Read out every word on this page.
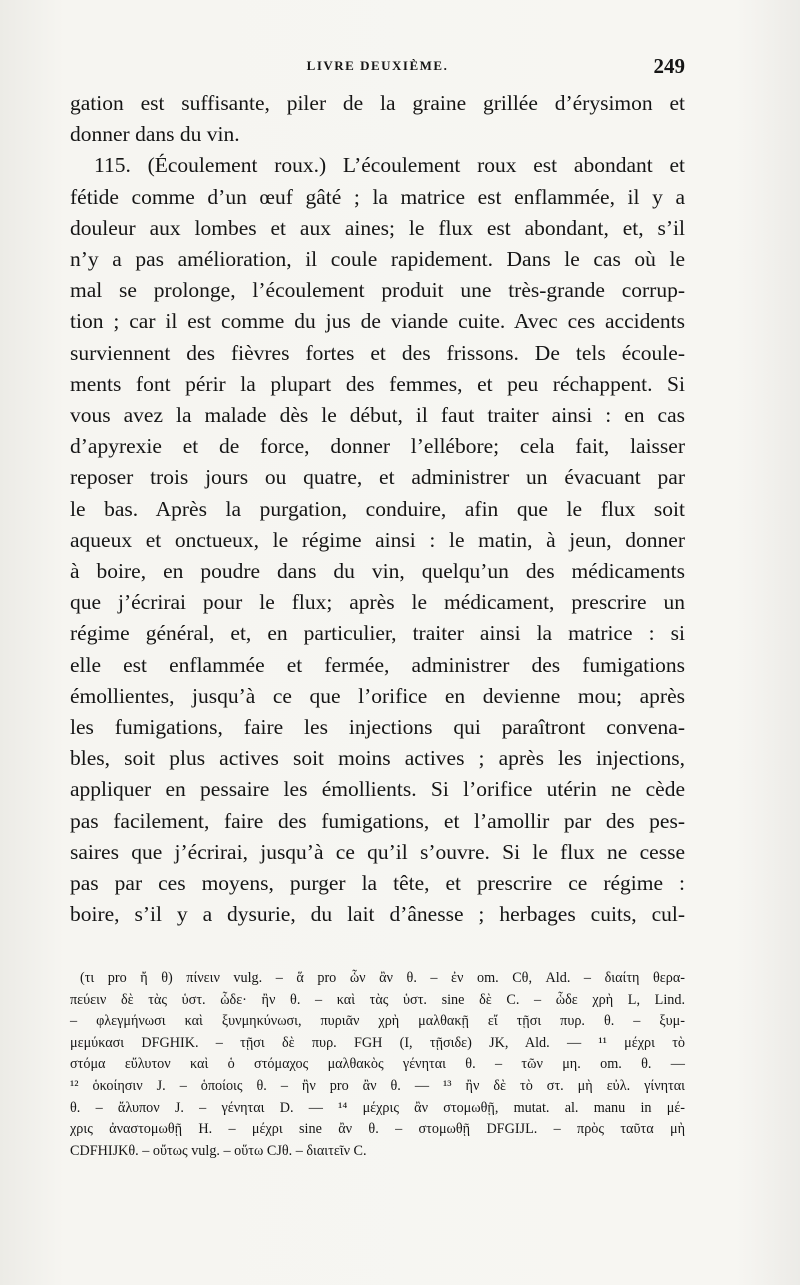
LIVRE DEUXIÈME.	249
gation est suffisante, piler de la graine grillée d’érysimon et
donner dans du vin.
115. (Écoulement roux.) L’écoulement roux est abondant et
fétide comme d’un œuf gâté ; la matrice est enflammée, il y a
douleur aux lombes et aux aines; le flux est abondant, et, s’il
n’y a pas amélioration, il coule rapidement. Dans le cas où le
mal se prolonge, l’écoulement produit une très-grande corrup-
tion ; car il est comme du jus de viande cuite. Avec ces accidents
surviennent des fièvres fortes et des frissons. De tels écoule-
ments font périr la plupart des femmes, et peu réchappent. Si
vous avez la malade dès le début, il faut traiter ainsi : en cas
d’apyrexie et de force, donner l’ellébore; cela fait, laisser
reposer trois jours ou quatre, et administrer un évacuant par
le bas. Après la purgation, conduire, afin que le flux soit
aqueux et onctueux, le régime ainsi : le matin, à jeun, donner
à boire, en poudre dans du vin, quelqu’un des médicaments
que j’écrirai pour le flux; après le médicament, prescrire un
régime général, et, en particulier, traiter ainsi la matrice : si
elle est enflammée et fermée, administrer des fumigations
émollientes, jusqu’à ce que l’orifice en devienne mou; après
les fumigations, faire les injections qui paraîtront convena-
bles, soit plus actives soit moins actives ; après les injections,
appliquer en pessaire les émollients. Si l’orifice utérin ne cède
pas facilement, faire des fumigations, et l’amollir par des pes-
saires que j’écrirai, jusqu’à ce qu’il s’ouvre. Si le flux ne cesse
pas par ces moyens, purger la tête, et prescrire ce régime :
boire, s’il y a dysurie, du lait d’ânesse ; herbages cuits, cul-
(τι pro ἤ θ) πίνειν vulg. – ἅ pro ὧν ἂν θ. – ἐν om. Cθ, Ald. – διαίτη θερα-
πεύειν δὲ τὰς ὑστ. ὧδε· ἢν θ. – καὶ τὰς ὑστ. sine δὲ C. – ὧδε χρὴ L, Lind.
– φλεγμήνωσι καὶ ξυνμηκύνωσι, πυριᾶν χρὴ μαλθακῇ εἴ τῇσι πυρ. θ. – ξυμ-
μεμύκασι DFGHIK. – τῇσι δὲ πυρ. FGH (I, τῇσιδε) JK, Ald. — ¹¹ μέχρι τὸ
στόμα εὔλυτον καὶ ὁ στόμαχος μαλθακὸς γένηται θ. – τῶν μη. om. θ. —
¹² ὁκοίησιν J. – ὁποίοις θ. – ἢν pro ἂν θ. — ¹³ ἢν δὲ τὸ στ. μὴ εὐλ. γίνηται
θ. – ἄλυπον J. – γένηται D. — ¹⁴ μέχρις ἂν στομωθῇ, mutat. al. manu in μέ-
χρις ἀναστομωθῇ H. – μέχρι sine ἂν θ. – στομωθῇ DFGIJL. – πρὸς ταῦτα μὴ
CDFHIJKθ. – οὔτως vulg. – οὕτω CJθ. – διαιτεῖν C.
